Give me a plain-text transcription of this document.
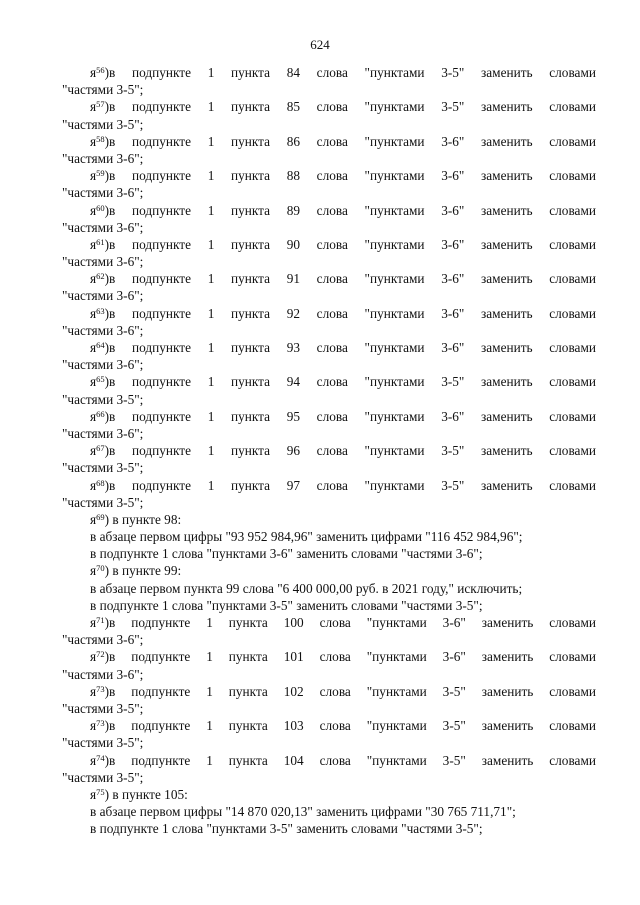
624
$я^{56})в$ подпункте 1 пункта 84 слова "пунктами 3-5" заменить словами
"частями 3-5";
$я^{57})в$ подпункте 1 пункта 85 слова "пунктами 3-5" заменить словами
"частями 3-5";
$я^{58})в$ подпункте 1 пункта 86 слова "пунктами 3-6" заменить словами
"частями 3-6";
$я^{59})в$ подпункте 1 пункта 88 слова "пунктами 3-6" заменить словами
"частями 3-6";
$я^{60})в$ подпункте 1 пункта 89 слова "пунктами 3-6" заменить словами
"частями 3-6";
$я^{61})в$ подпункте 1 пункта 90 слова "пунктами 3-6" заменить словами
"частями 3-6";
$я^{62})в$ подпункте 1 пункта 91 слова "пунктами 3-6" заменить словами
"частями 3-6";
$я^{63})в$ подпункте 1 пункта 92 слова "пунктами 3-6" заменить словами
"частями 3-6";
$я^{64})в$ подпункте 1 пункта 93 слова "пунктами 3-6" заменить словами
"частями 3-6";
$я^{65})в$ подпункте 1 пункта 94 слова "пунктами 3-5" заменить словами
"частями 3-5";
$я^{66})в$ подпункте 1 пункта 95 слова "пунктами 3-6" заменить словами
"частями 3-6";
$я^{67})в$ подпункте 1 пункта 96 слова "пунктами 3-5" заменить словами
"частями 3-5";
$я^{68})в$ подпункте 1 пункта 97 слова "пунктами 3-5" заменить словами
"частями 3-5";
$я^{69}$) в пункте 98:
в абзаце первом цифры "93 952 984,96" заменить цифрами "116 452 984,96";
в подпункте 1 слова "пунктами 3-6" заменить словами "частями 3-6";
$я^{70}$) в пункте 99:
в абзаце первом пункта 99 слова "6 400 000,00 руб. в 2021 году," исключить;
в подпункте 1 слова "пунктами 3-5" заменить словами "частями 3-5";
$я^{71})в$ подпункте 1 пункта 100 слова "пунктами 3-6" заменить словами
"частями 3-6";
$я^{72})в$ подпункте 1 пункта 101 слова "пунктами 3-6" заменить словами
"частями 3-6";
$я^{73})в$ подпункте 1 пункта 102 слова "пунктами 3-5" заменить словами
"частями 3-5";
$я^{73})в$ подпункте 1 пункта 103 слова "пунктами 3-5" заменить словами
"частями 3-5";
$я^{74})в$ подпункте 1 пункта 104 слова "пунктами 3-5" заменить словами
"частями 3-5";
$я^{75}$) в пункте 105:
в абзаце первом цифры "14 870 020,13" заменить цифрами "30 765 711,71";
в подпункте 1 слова "пунктами 3-5" заменить словами "частями 3-5";
